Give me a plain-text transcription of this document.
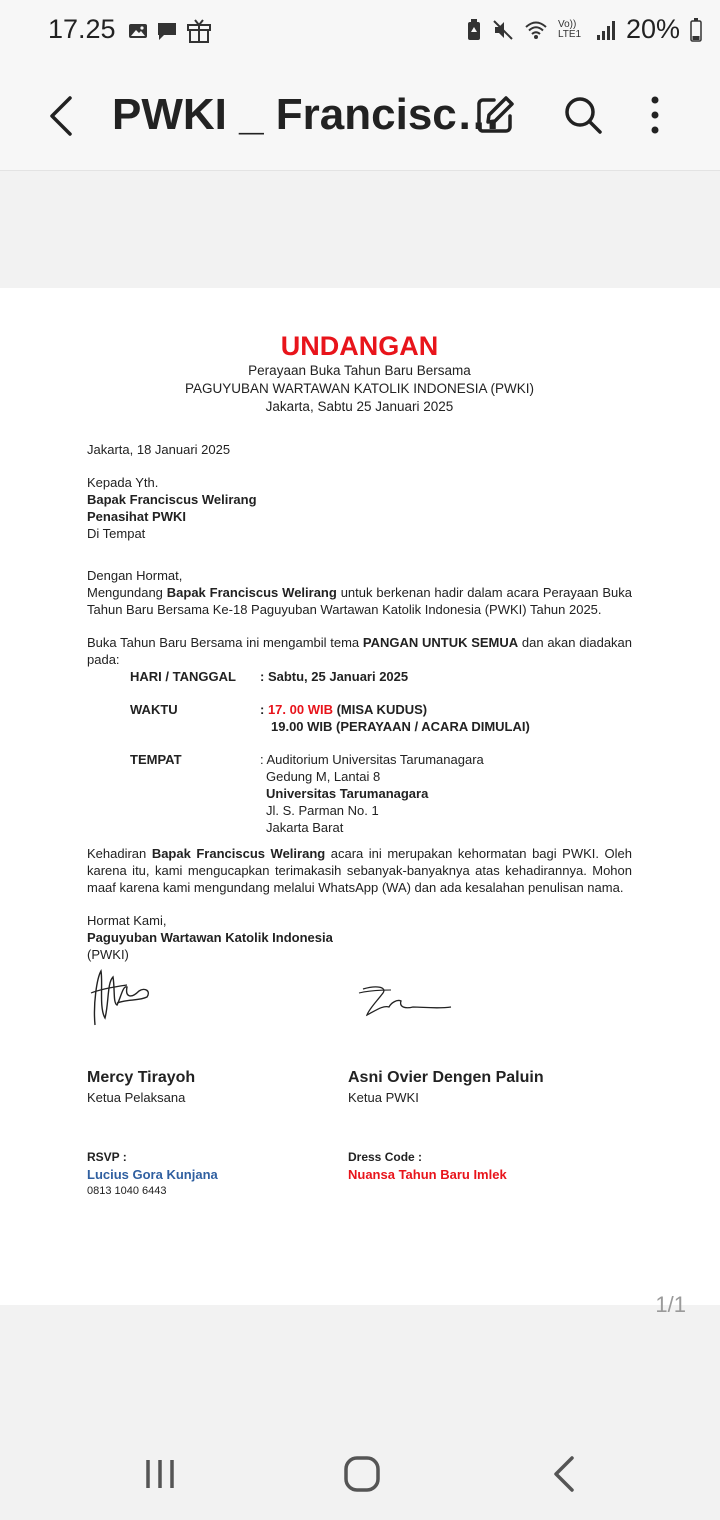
17.25	Vo)) LTE1 20%
PWKI _ Francisc…
UNDANGAN
Perayaan Buka Tahun Baru Bersama
PAGUYUBAN WARTAWAN KATOLIK INDONESIA (PWKI)
Jakarta, Sabtu 25 Januari 2025
Jakarta, 18 Januari 2025
Kepada Yth.
Bapak Franciscus Welirang
Penasihat PWKI
Di Tempat
Dengan Hormat,
Mengundang Bapak Franciscus Welirang untuk berkenan hadir dalam acara Perayaan Buka Tahun Baru Bersama Ke-18 Paguyuban Wartawan Katolik Indonesia (PWKI) Tahun 2025.
Buka Tahun Baru Bersama ini mengambil tema PANGAN UNTUK SEMUA dan akan diadakan pada:
HARI / TANGGAL : Sabtu, 25 Januari 2025
WAKTU	: 17. 00 WIB (MISA KUDUS)
19.00 WIB (PERAYAAN / ACARA DIMULAI)
TEMPAT	: Auditorium Universitas Tarumanagara
Gedung M, Lantai 8
Universitas Tarumanagara
Jl. S. Parman No. 1
Jakarta Barat
Kehadiran Bapak Franciscus Welirang acara ini merupakan kehormatan bagi PWKI. Oleh karena itu, kami mengucapkan terimakasih sebanyak-banyaknya atas kehadirannya. Mohon maaf karena kami mengundang melalui WhatsApp (WA) dan ada kesalahan penulisan nama.
Hormat Kami,
Paguyuban Wartawan Katolik Indonesia
(PWKI)
Mercy Tirayoh
Ketua Pelaksana
Asni Ovier Dengen Paluin
Ketua PWKI
RSVP :
Lucius Gora Kunjana
0813 1040 6443
Dress Code :
Nuansa Tahun Baru Imlek
1/1
